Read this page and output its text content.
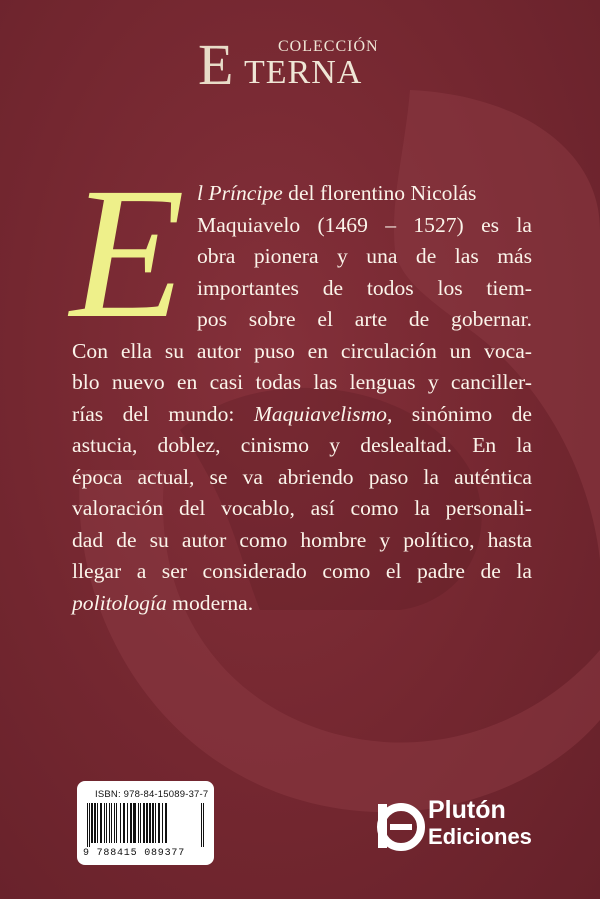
E	COLECCIÓN
TERNA
E l Príncipe del florentino Nicolás
Maquiavelo (1469 – 1527) es la
obra pionera y una de las más
importantes de todos los tiem-
pos sobre el arte de gobernar.
Con ella su autor puso en circulación un voca-
blo nuevo en casi todas las lenguas y canciller-
rías del mundo: Maquiavelismo, sinónimo de
astucia, doblez, cinismo y deslealtad. En la
época actual, se va abriendo paso la auténtica
valoración del vocablo, así como la personali-
dad de su autor como hombre y político, hasta
llegar a ser considerado como el padre de la
politología moderna.
ISBN: 978-84-15089-37-7
9 788415 089377
Plutón
Ediciones
